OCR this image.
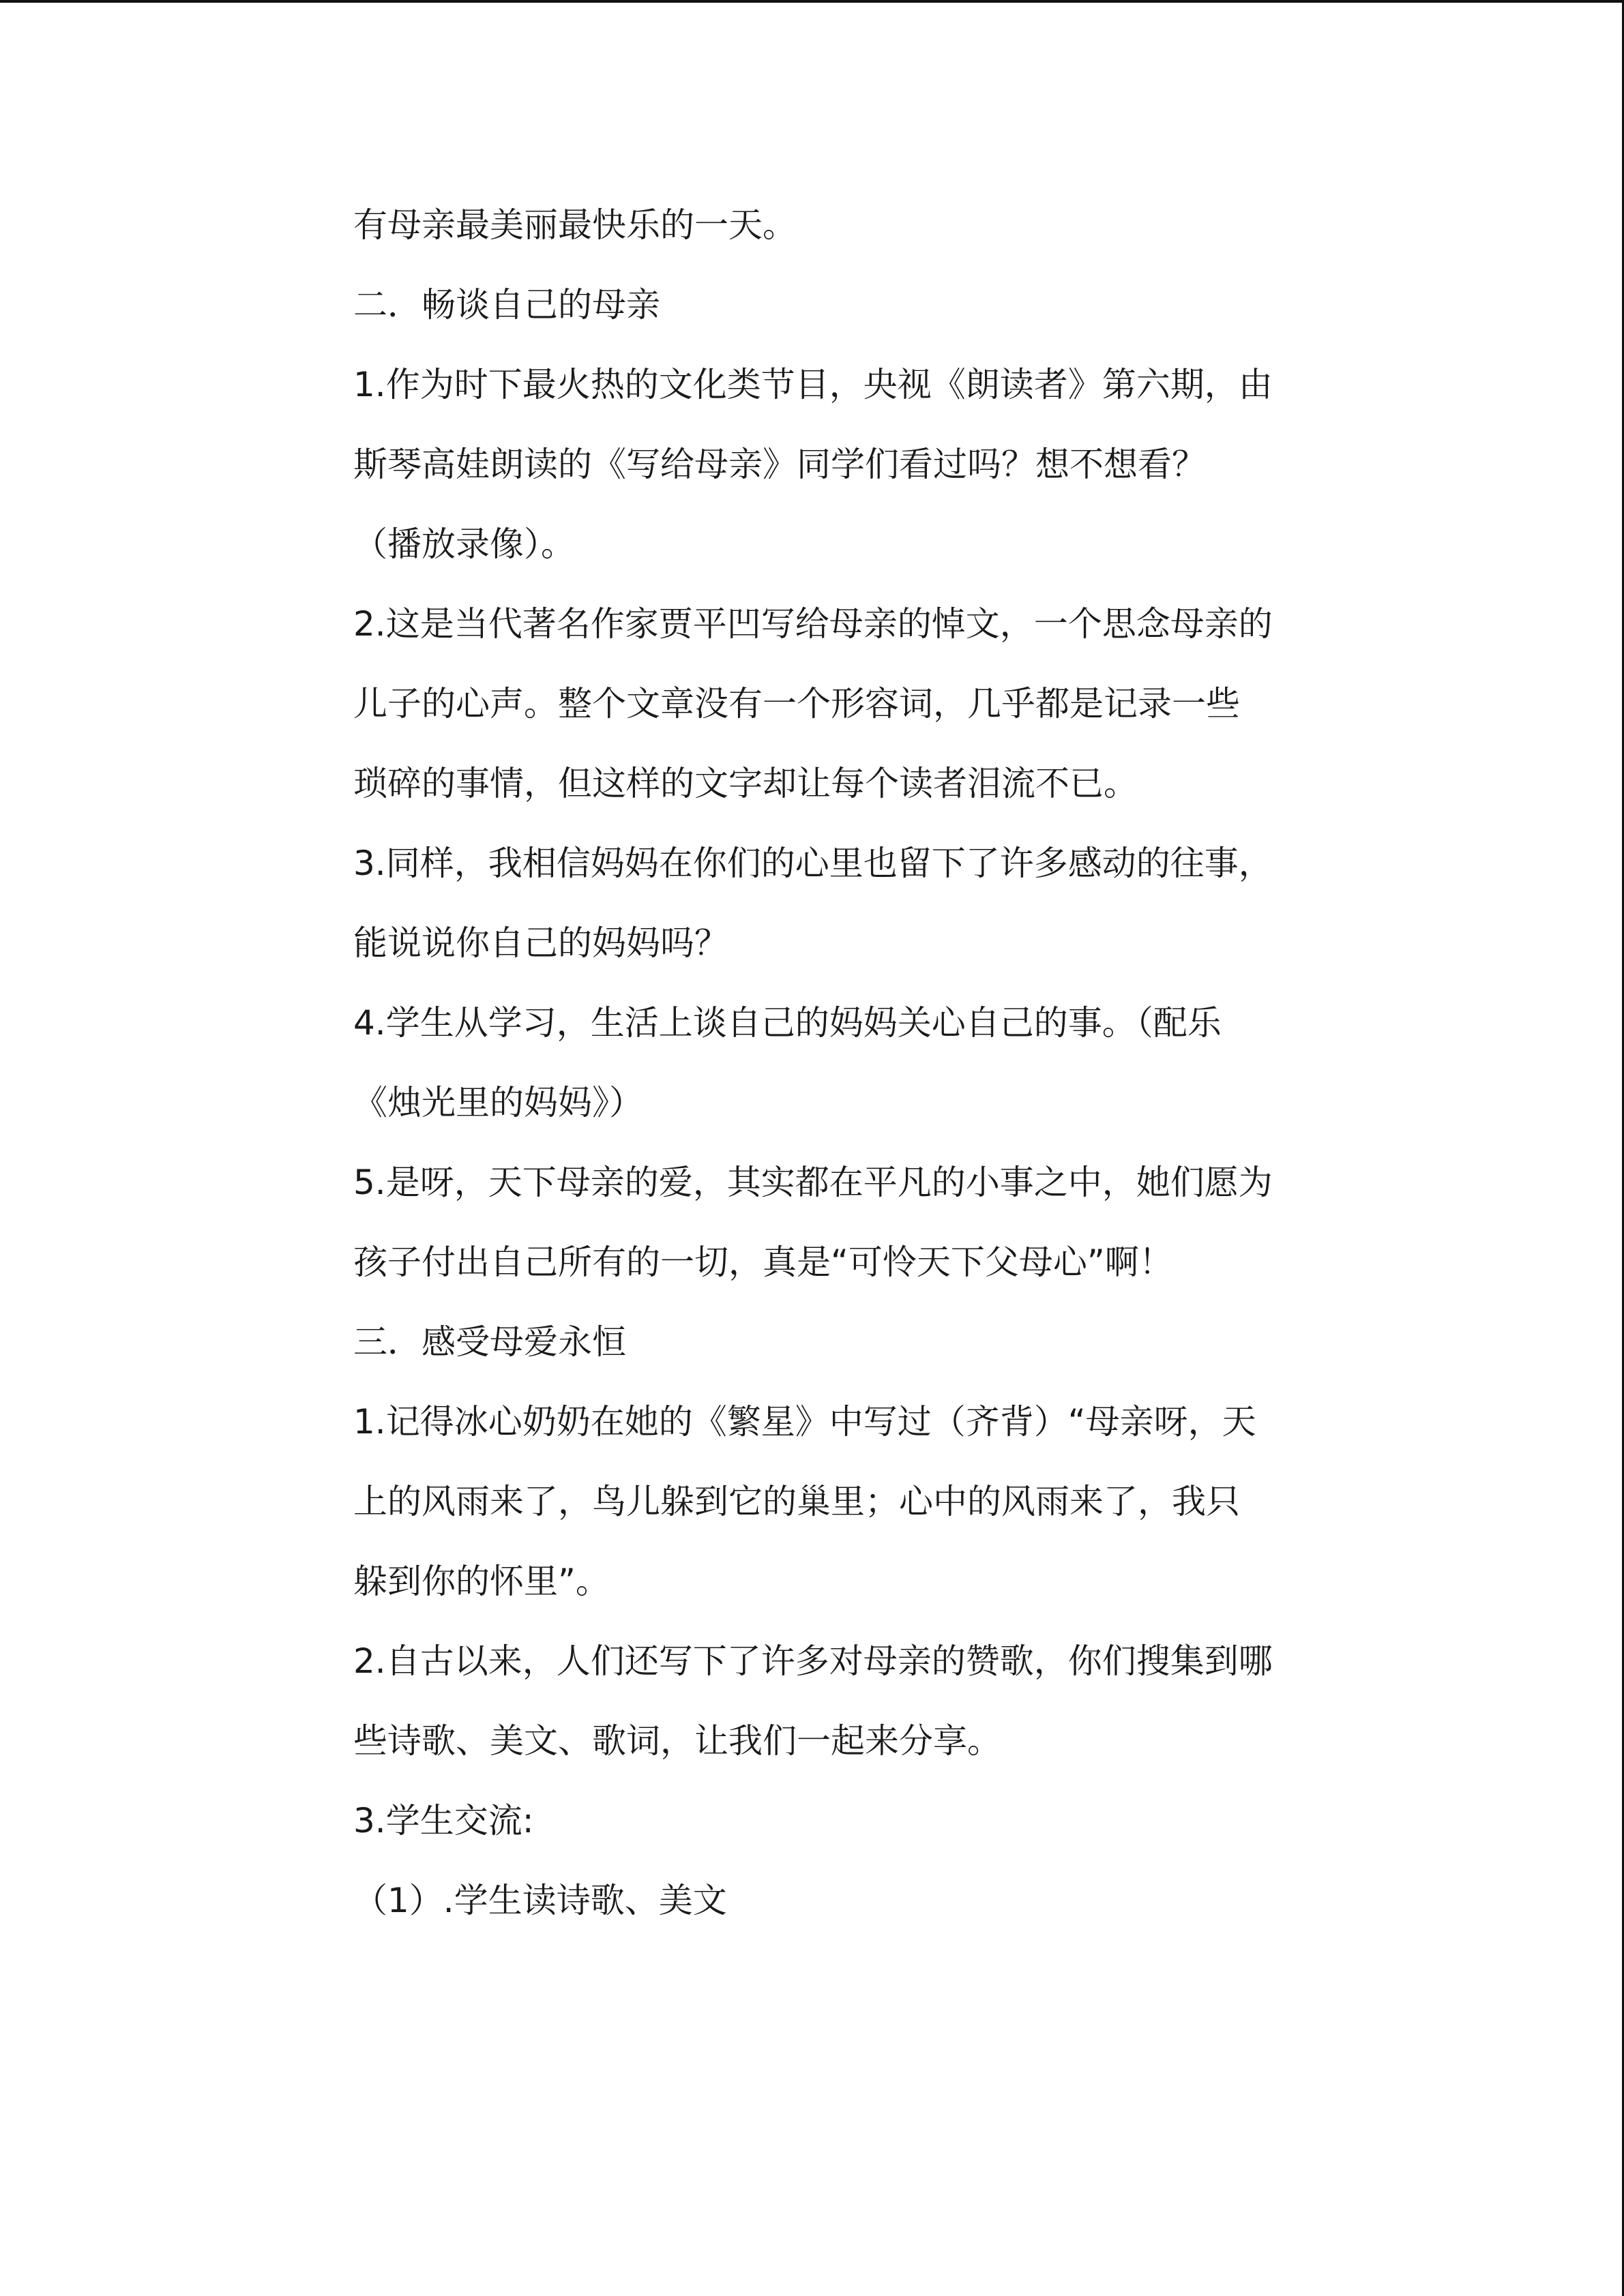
有母亲最美丽最快乐的一天。
二．畅谈自己的母亲
1.作为时下最火热的文化类节目，央视《朗读者》第六期，由
斯琴高娃朗读的《写给母亲》同学们看过吗？想不想看？
（播放录像）。
2.这是当代著名作家贾平凹写给母亲的悼文，一个思念母亲的
儿子的心声。整个文章没有一个形容词，几乎都是记录一些
琐碎的事情，但这样的文字却让每个读者泪流不已。
3.同样，我相信妈妈在你们的心里也留下了许多感动的往事，
能说说你自己的妈妈吗？
4.学生从学习，生活上谈自己的妈妈关心自己的事。（配乐
《烛光里的妈妈》）
5.是呀，天下母亲的爱，其实都在平凡的小事之中，她们愿为
孩子付出自己所有的一切，真是“可怜天下父母心”啊！
三．感受母爱永恒
1.记得冰心奶奶在她的《繁星》中写过（齐背）“母亲呀，天
上的风雨来了，鸟儿躲到它的巢里；心中的风雨来了，我只
躲到你的怀里”。
2.自古以来，人们还写下了许多对母亲的赞歌，你们搜集到哪
些诗歌、美文、歌词，让我们一起来分享。
3.学生交流:
（1）.学生读诗歌、美文
